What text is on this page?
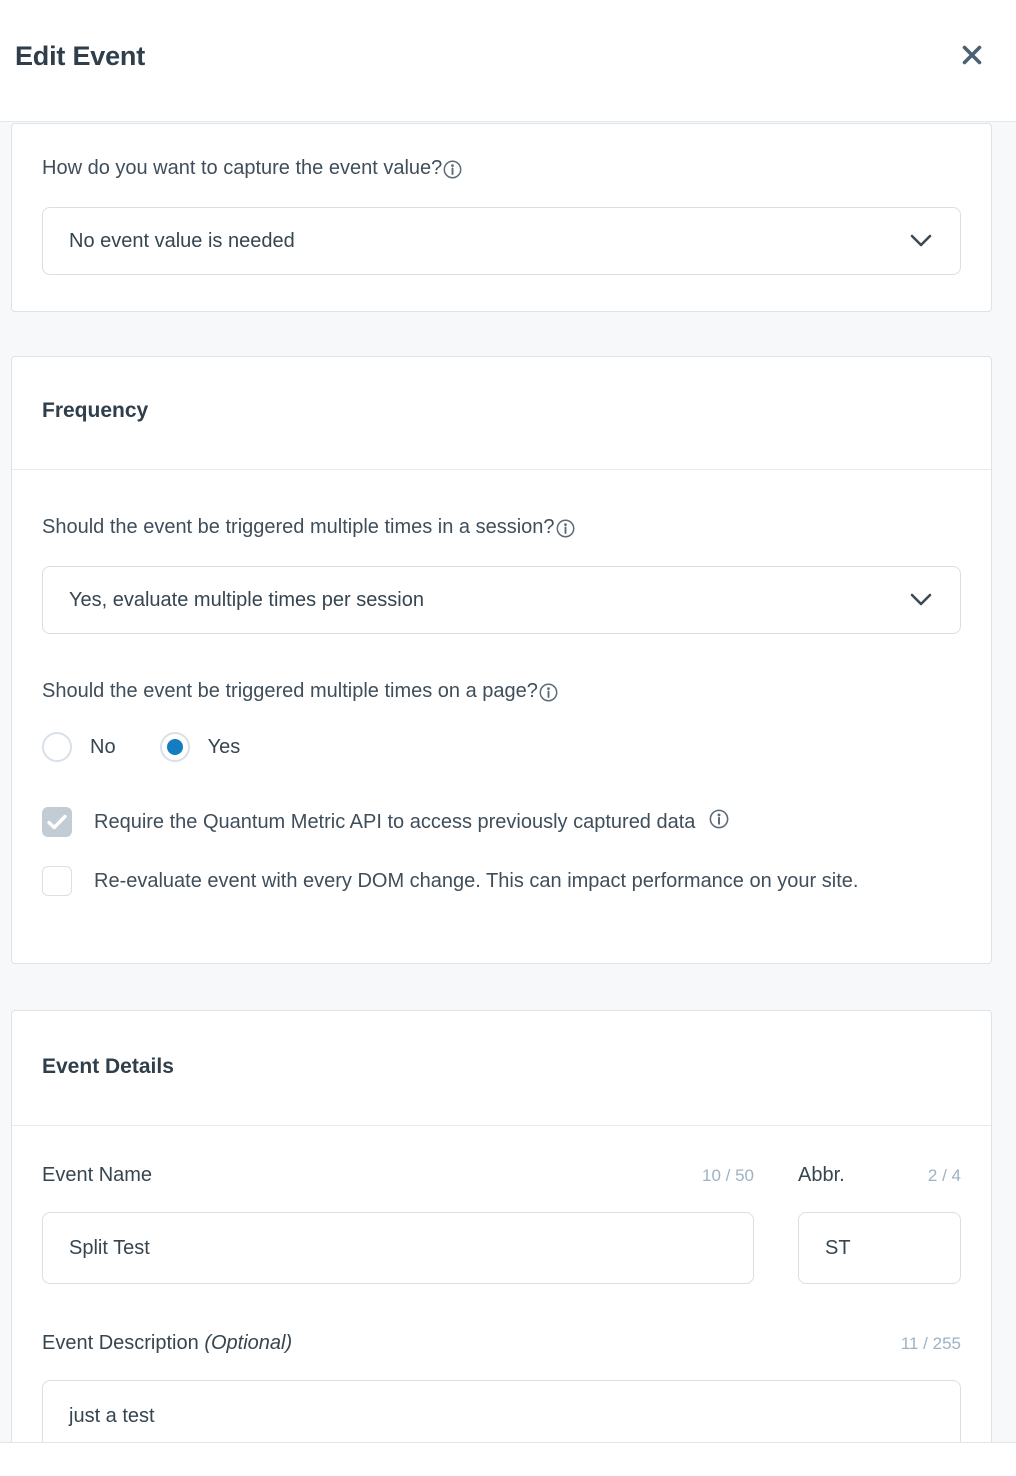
Edit Event
How do you want to capture the event value?
No event value is needed
Frequency
Should the event be triggered multiple times in a session?
Yes, evaluate multiple times per session
Should the event be triggered multiple times on a page?
No	Yes
Require the Quantum Metric API to access previously captured data
Re-evaluate event with every DOM change. This can impact performance on your site.
Event Details
Event Name	10 / 50
Split Test Abbr.	2 / 4
ST
Event Description (Optional)	11 / 255
just a test
